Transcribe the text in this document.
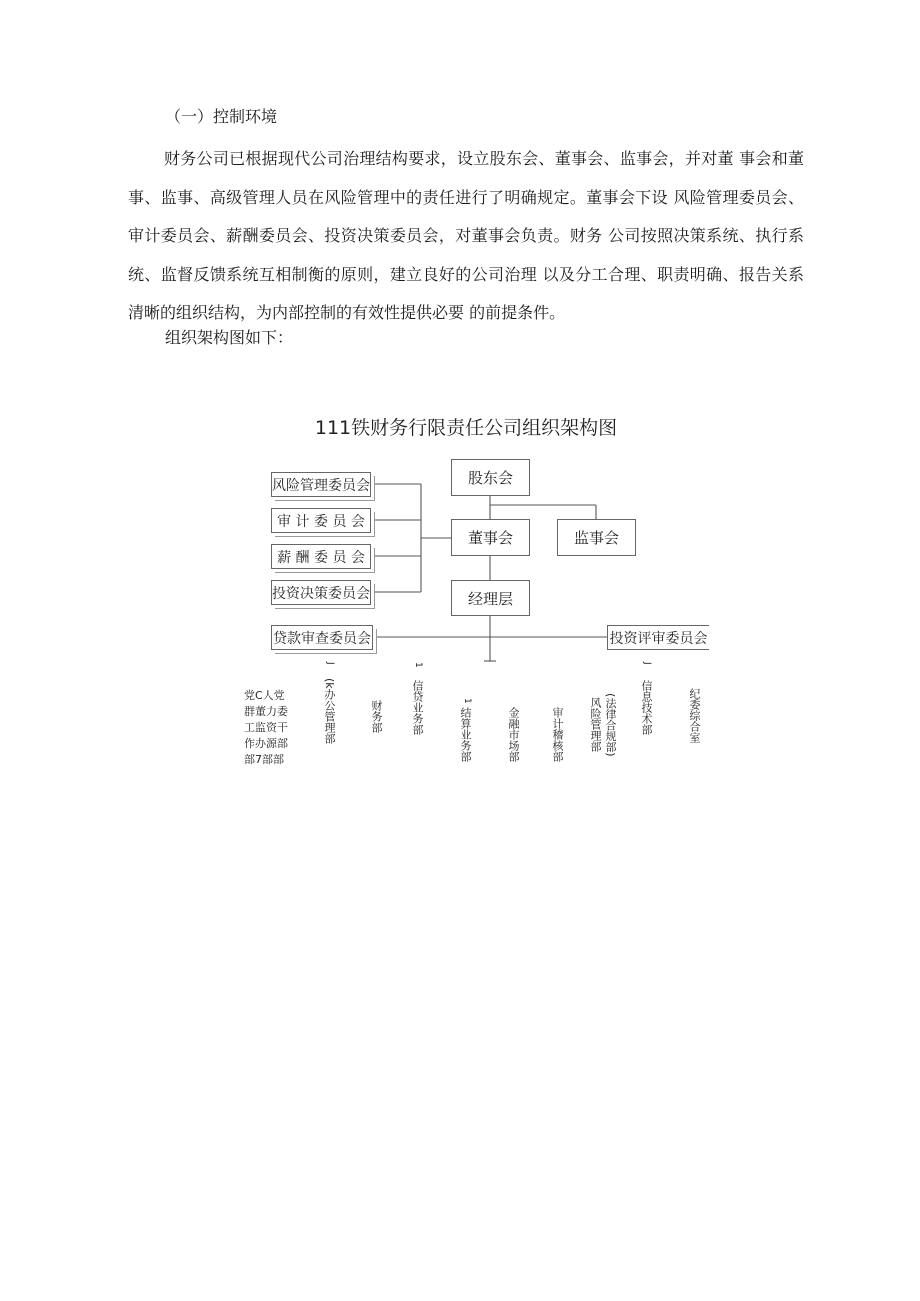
（一）控制环境

财务公司已根据现代公司治理结构要求，设立股东会、董事会、监事会，并对董 事会和董事、监事、高级管理人员在风险管理中的责任进行了明确规定。董事会下设 风险管理委员会、审计委员会、薪酬委员会、投资决策委员会，对董事会负责。财务 公司按照决策系统、执行系统、监督反馈系统互相制衡的原则，建立良好的公司治理 以及分工合理、职责明确、报告关系清晰的组织结构，为内部控制的有效性提供必要 的前提条件。

组织架构图如下：
111铁财务行限责任公司组织架构图
股东会
董事会	监事会
经理层
风险管理委员会
审 计 委 员 会
薪 酬 委 员 会
投资决策委员会
贷款审查委员会	投资评审委员会
党C人党
群董力委
工监资干
作办源部
部7部部
J
(k办公管理部	财务部
1
信贷业务部	1
结算业务部	金融市场部	审计稽核部	(法律合规部)
风险管理部
J
信息技术部	纪委综合室
